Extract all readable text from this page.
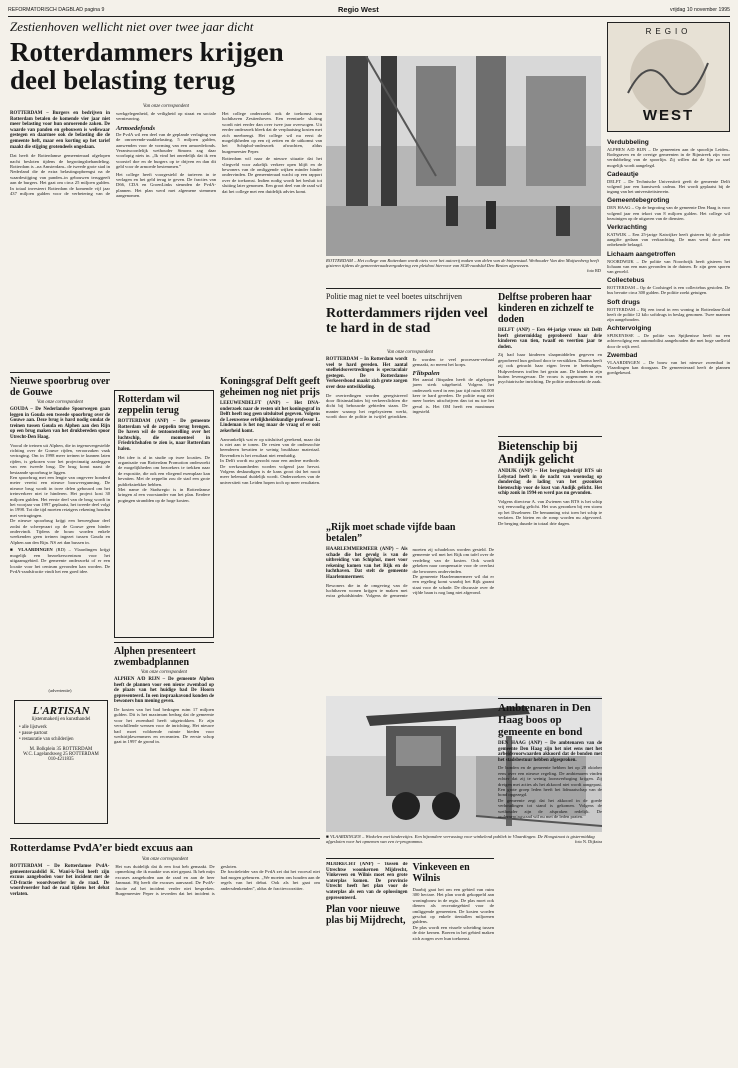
REFORMATORISCH DAGBLAD pagina 9	Regio West	vrijdag 10 november 1995
Zestienhoven wellicht niet over twee jaar dicht
Rotterdammers krijgen deel belasting terug
Van onze correspondent
ROTTERDAM – Burgers en bedrijven in Rotterdam betalen de komende vier jaar niet meer belasting voor hun onroerende zaken. De waarde van panden en gebouwen is weliswaar gestegen en daarmee ook de belasting die de gemeente heft, maar een korting op het tarief maakt die stijging grotendeels ongedaan.
Dat heeft de Rotterdamse gemeenteraad afgelopen nacht besloten tijdens de begrotingsbehandeling. Rotterdam is –na Amsterdam– de tweede grote stad in Nederland die de extra belastingopbrengst na de waardestijging van panden–in gebouwen teruggeeft aan de burgers. Het gaat om circa 25 miljoen gulden. In totaal investeert Rotterdam de komende vijf jaar 437 miljoen gulden voor de verbetering van de werkgelegenheid, de veiligheid op straat en sociale vernieuwing.
Armoedefonds
De PvdA wil een deel van de geplande verlaging van de onroerende-zaakbelasting, 5 miljoen gulden, aanwenden voor de vorming van een armoedefonds. Verantwoordelijk wethouder Simons zag daar voorlopig niets in. „Ik vind het onredelijk dat ik een voorstel doe en de burgers op te drijven en dan dit geld voor de armoede bestemmen.”
Het college heeft voorgesteld de tarieven in te verlagen en het geld terug te geven. De fracties van D66, CDA en GroenLinks steunden de PvdA-plannen. Het plan werd met algemene stemmen aangenomen.
Het college onderzoekt ook de toekomst van luchthaven Zestienhoven. Een eventuele sluiting wordt niet eerder dan over twee jaar overwogen. Uit eerder onderzoek bleek dat de verplaatsing kosten met zich meebrengt. Het college wil nu eerst de mogelijkheden op een rij zetten en de uitkomst van het Schiphol-onderzoek afwachten, aldus burgemeester Peper.
Rotterdam wil naar de nieuwe situatie dat het vliegveld voor zakelijk verkeer open blijft en de bewoners van de omliggende wijken minder hinder ondervinden. De gemeenteraad wacht op een rapport over de toekomst. Indien nodig wordt het besluit tot sluiting later genomen. Een groot deel van de raad wil dat het college met een duidelijk advies komt.
ROTTERDAM – Het college van Rotterdam wordt niets voor het autovrij maken van delen van de binnenstad. Wethouder Van den Muijsenberg heeft gisteren tijdens de gemeenteraadsvergadering een pleidooi hiervoor van SGR-raadslid Den Besten afgewezen.
foto RD
REGIO
WEST
Verdubbeling
ALPHEN A/D RIJN – De gemeenten aan de spoorlijn Leiden–Bodegraven en de overige gemeenten in de Rijnstreek zijn voor verdubbeling van de spoorlijn. Zij willen dat de lijn zo snel mogelijk wordt aangelegd.
Cadeautje
DELFT – De Technische Universiteit geeft de gemeente Delft volgend jaar een kunstwerk cadeau. Het wordt geplaatst bij de ingang van het universiteitsterrein.
Gemeentebegroting
DEN HAAG – Op de begroting van de gemeente Den Haag is voor volgend jaar een tekort van 8 miljoen gulden. Het college wil bezuinigen op de uitgaven van de diensten.
Verkrachting
KATWIJK – Een 25-jarige Katwijker heeft gisteren bij de politie aangifte gedaan van verkrachting. De man werd door een onbekende belaagd.
Lichaam aangetroffen
NOORDWIJK – De politie van Noordwijk heeft gisteren het lichaam van een man gevonden in de duinen. Er zijn geen sporen van geweld.
Collectebus
ROTTERDAM – Op de Coolsingel is een collectebus gestolen. De bus bevatte circa 300 gulden. De politie zoekt getuigen.
Soft drugs
ROTTERDAM – Bij een inval in een woning in Rotterdam-Zuid heeft de politie 12 kilo softdrugs in beslag genomen. Twee mannen zijn aangehouden.
Achtervolging
SPIJKENISSE – De politie van Spijkenisse heeft na een achtervolging een automobilist aangehouden die met hoge snelheid door de wijk reed.
Zwembad
VLAARDINGEN – De bouw van het nieuwe zwembad in Vlaardingen kan doorgaan. De gemeenteraad heeft de plannen goedgekeurd.
Nieuwe spoorbrug over de Gouwe
Van onze correspondent
GOUDA – De Nederlandse Spoorwegen gaan leggen in Gouda een tweede spoorbrug over de Gouwe aan. Deze brug is hard nodig omdat de treinen tussen Gouda en Alphen aan den Rijn op een brug maken van het drukbereden spoor Utrecht-Den Haag.
Vooral de treinen uit Alphen, die in tegenovergestelde richting over de Gouwe rijden, veroorzaken vaak vertraging. Om in 1998 meer treinen te kunnen laten rijden, is gekozen voor het projectmatig aanleggen van een tweede brug. De brug komt naast de bestaande spoorbrug te liggen.
Een spoorbrug met een lengte van ongeveer honderd meter vereist een nieuwe bouwvergunning. De nieuwe brug wordt in twee delen gebouwd om het treinverkeer niet te hinderen. Het project kost 30 miljoen gulden. Het eerste deel van de brug wordt in het voorjaar van 1997 geplaatst, het tweede deel volgt in 1998. Tot die tijd moeten reizigers rekening houden met vertragingen.
De nieuwe spoorbrug krijgt een beweegbaar deel zodat de scheepvaart op de Gouwe geen hinder ondervindt. Tijdens de bouw worden enkele weekenden geen treinen ingezet tussen Gouda en Alphen aan den Rijn. NS zet dan bussen in.
■ VLAARDINGEN (RD) – Vlaardingen krijgt mogelijk een bezoekerscentrum voor het uitgaansgebied. De gemeente onderzoekt of er een locatie voor het centrum gevonden kan worden. De PvdA-raadsfractie vindt het een goed idee.
(advertentie)
L'ARTISAN
lijstenmakerij en kunsthandel
• alle lijstwerk
• passe-partout
• restauratie van schilderijen
M. Bolkplein 35 ROTTERDAM
W.C. Lagelandsweg 25 ROTTERDAM
010-4211835
Rotterdam wil zeppelin terug
ROTTERDAM (ANP) – De gemeente Rotterdam wil de zeppelin terug brengen. De haven wil de tentoonstelling over het luchtschip, die momenteel in Friedrichshafen te zien is, naar Rotterdam halen.
Het idee is al in studie op twee locaties. De organisatie van Rotterdam Promotion onderzoekt de mogelijkheden om bezoekers te trekken naar de expositie, die ook een vliegend exemplaar kan bevatten. Met de zeppelin zou de stad een grote publiekstrekker hebben.
Met name de Stadsregio is in Rotterdamse kringen al een voorstander van het plan. Eerdere pogingen strandden op de hoge kosten.
Koningsgraf Delft geeft geheimen nog niet prijs
LEEUWENDELFT (ANP) – Het DNA-onderzoek naar de resten uit het koningsgraf in Delft heeft nog geen uitsluitsel gegeven. Volgens de Leeuwense erfelijkheidskundige professor L. Lindeman is het nog maar de vraag of er ooit zekerheid komt.
Aanvankelijk wat er op uitsluitsel gerekend, maar dat is niet aan te tonen. De resten van de onderzochte beenderen bevatten te weinig bruikbaar materiaal. Bovendien is het resultaat niet eenduidig.
In Delft wordt nu gezocht naar een andere methode. De werkzaamheden worden volgend jaar hervat. Volgens deskundigen is de kans groot dat het nooit meer helemaal duidelijk wordt. Onderzoekers van de universiteit van Leiden hopen toch op meer resultaten.
Alphen presenteert zwembadplannen
Van onze correspondent
ALPHEN A/D RIJN – De gemeente Alphen heeft de plannen voor een nieuw zwembad op de plaats van het huidige bad De Hoorn gepresenteerd. In een inspraakavond konden de bewoners hun mening geven.
De kosten van het bad bedragen ruim 17 miljoen gulden. Dit is het maximum bedrag dat de gemeente voor het zwembad heeft uitgetrokken. Er zijn verschillende wensen voor de inrichting. Het nieuwe bad moet voldoende ruimte bieden voor wedstrijdzwemmers en recreanten. De eerste schop gaat in 1997 de grond in.
Rotterdamse PvdA’er biedt excuus aan
Van onze correspondent
ROTTERDAM – De Rotterdamse PvdA-gemeenteraadslid K. Wani-k-Tsoi heeft zijn excuus aangeboden voor het incident met de CD-fractie woordvoerder in de raad. De woordvoerder had de raad tijdens het debat verlaten.
Het was duidelijk dat ik een fout heb gemaakt. De opmerking die ik maakte was niet gepast. Ik heb mijn excuses aangeboden aan de raad en aan de heer Janmaat. Hij heeft die excuses aanvaard. De PvdA-fractie zal het incident verder niet bespreken. Burgemeester Peper is tevreden dat het incident is gesloten.
De fractieleider van de PvdA zei dat het voorval niet had mogen gebeuren. „We moeten ons houden aan de regels van het debat. Ook als het gaat om andersdenkenden”, aldus de fractievoorzitter.
Politie mag niet te veel boetes uitschrijven
Rotterdammers rijden veel te hard in de stad
Van onze correspondent
ROTTERDAM – In Rotterdam wordt veel te hard gereden. Het aantal snelheidsovertredingen is spectaculair gestegen. De Rotterdamse Verkeersbond maakt zich grote zorgen over deze ontwikkeling.
De overtredingen worden geregistreerd door flitsinstallaties bij verkeerslichten die dicht bij bebouwde gebieden staan. De manier waarop het regelsysteem werkt, wordt door de politie in twijfel getrokken. Er worden te veel processen-verbaal gemaakt, zo meent het korps.
Flitspalen
Het aantal flitspalen heeft de afgelopen jaren sterk uitgebreid. Volgens het onderzoek werd in een jaar tijd ruim 60.000 keer te hard gereden. De politie mag niet meer boetes uitschrijven dan tot nu toe het geval is. Het OM heeft een maximum ingesteld.
„Rijk moet schade vijfde baan betalen”
HAARLEMMERMEER (ANP) – Als schade die het gevolg is van de uitbreiding van Schiphol, moet voor rekening komen van het Rijk en de luchthaven. Dat stelt de gemeente Haarlemmermeer.
Bewoners die in de omgeving van de luchthaven wonen krijgen te maken met extra geluidshinder. Volgens de gemeente moeten zij schadeloos worden gesteld. De gemeente wil met het Rijk om tafel over de verdeling van de kosten. Ook wordt gekeken naar compensatie voor de overlast die bewoners ondervinden.
De gemeente Haarlemmermeer wil dat er een regeling komt waarbij het Rijk garant staat voor de schade. De discussie over de vijfde baan is nog lang niet afgerond.
Delftse proberen haar kinderen en zichzelf te doden
DELFT (ANP) – Een 44-jarige vrouw uit Delft heeft gistermiddag geprobeerd haar drie kinderen van tien, twaalf en veertien jaar te doden.
Zij had haar kinderen slaapmiddelen gegeven en geprobeerd hun gedood door te verstikken. Daarna heeft zij ook getracht haar eigen leven te beëindigen. Hulpverleners troffen het gezin aan. De kinderen zijn buiten levensgevaar. De vrouw is opgenomen in een psychiatrische inrichting. De politie onderzoekt de zaak.
Bietenschip bij Andijk gelicht
ANDIJK (ANP) – Het bergingsbedrijf BTS uit Lelystad heeft in de nacht van woensdag op donderdag de lading van het gezonken bietenschip voor de kust van Andijk gelicht. Het schip zonk in 1994 en werd pas nu gevonden.
Volgens directeur A. van Zwienen van BTS is het schip vrij eenvoudig gelicht. Het was gezonken bij een storm op het IJsselmeer. De bemanning wist toen het schip te verlaten. De bieten en de romp worden nu afgevoerd. De berging duurde in totaal drie dagen.
■ VLAARDINGEN – Winkelen met kinderzitjes. Een bijzondere verrassing voor winkelend publiek in Vlaardingen. De Hoogstraat is gistermiddag afgesloten voor het opnemen van een tv-programma.	foto N. Dijkstra
Ambtenaren in Den Haag boos op gemeente en bond
DEN HAAG (ANP) – De ambtenaren van de gemeente Den Haag zijn het niet eens met het arbeidsvoorwaarden akkoord dat de bonden met het stadsbestuur hebben afgesproken.
De bonden en de gemeente hebben het op 20 oktober eens over een nieuwe regeling. De ambtenaren vinden echter dat zij te weinig loonsverhoging krijgen. Zij dreigen met acties als het akkoord niet wordt aangepast. Een grote groep leden heeft het lidmaatschap van de bond opgezegd.
De gemeente zegt dat het akkoord in de goede verhoudingen tot stand is gekomen. Volgens de wethouder zijn de afspraken redelijk. De ondernemingsraad wil nu met de leden praten.
MIJDRECHT (ANP) – Tussen de Utrechtse woonkernen Mijdrecht, Vinkeveen en Wilnis moet een grote waterplas komen. De provincie Utrecht heeft het plan voor de waterplas als een van de oplossingen gepresenteerd.
Plan voor nieuwe plas bij Mijdrecht, Vinkeveen en Wilnis
Daarbij gaat het om een gebied van ruim 300 hectare. Het plan wordt gekoppeld aan woningbouw in de regio. De plas moet ook dienen als recreatiegebied voor de omliggende gemeenten. De kosten worden geschat op enkele tientallen miljoenen guldens.
De plas wordt een visuele scheiding tussen de drie kernen. Boeren in het gebied maken zich zorgen over hun toekomst.
